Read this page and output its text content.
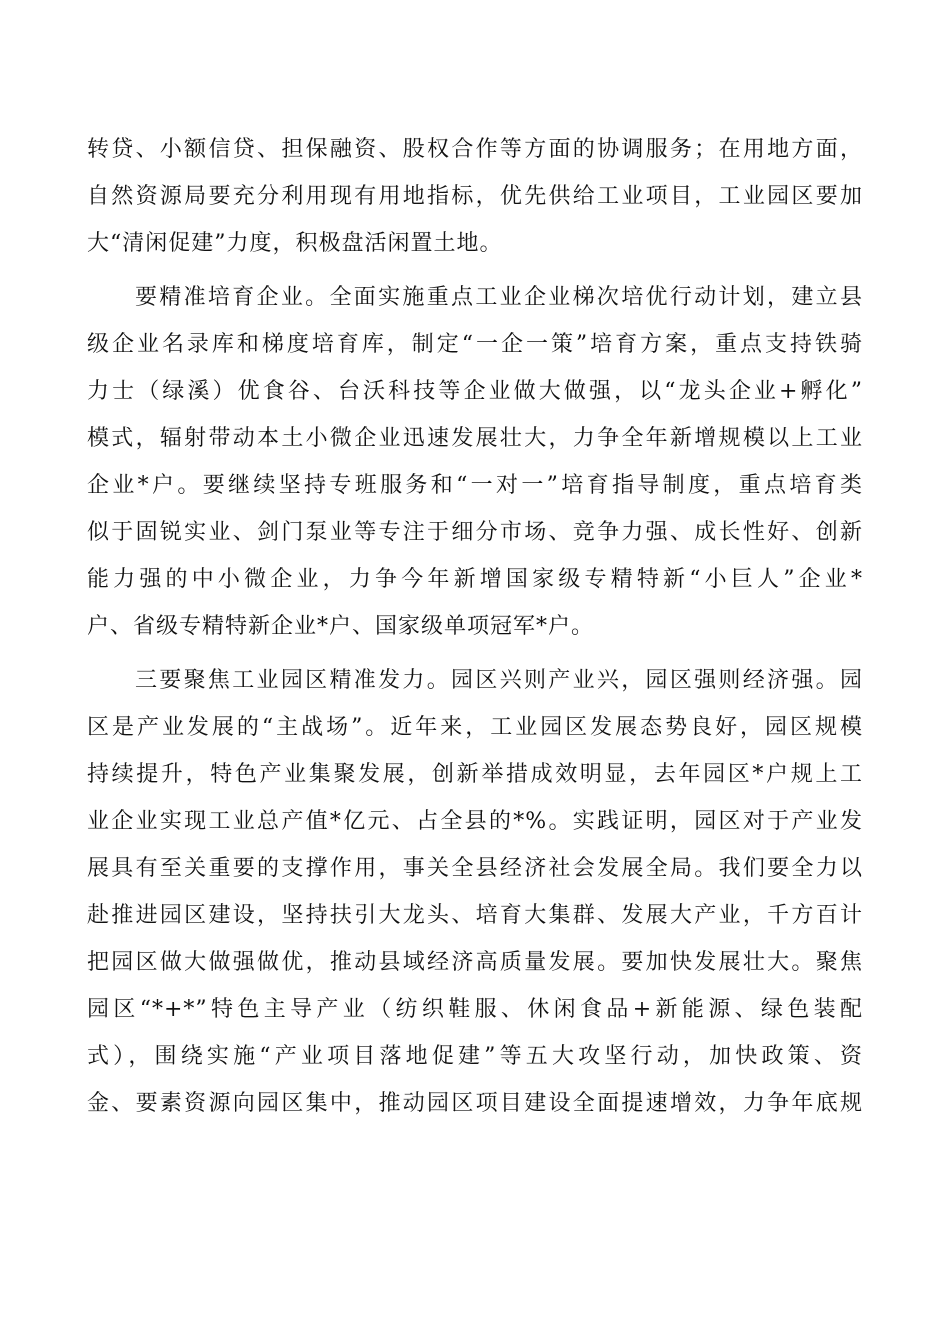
转贷、小额信贷、担保融资、股权合作等方面的协调服务；在用地方面，
自然资源局要充分利用现有用地指标，优先供给工业项目，工业园区要加
大“清闲促建”力度，积极盘活闲置土地。

要精准培育企业。全面实施重点工业企业梯次培优行动计划，建立县
级企业名录库和梯度培育库，制定“一企一策”培育方案，重点支持铁骑
力士（绿溪）优食谷、台沃科技等企业做大做强，以“龙头企业+孵化”
模式，辐射带动本土小微企业迅速发展壮大，力争全年新增规模以上工业
企业*户。要继续坚持专班服务和“一对一”培育指导制度，重点培育类
似于固锐实业、剑门泵业等专注于细分市场、竞争力强、成长性好、创新
能力强的中小微企业，力争今年新增国家级专精特新“小巨人”企业*
户、省级专精特新企业*户、国家级单项冠军*户。

三要聚焦工业园区精准发力。园区兴则产业兴，园区强则经济强。园
区是产业发展的“主战场”。近年来，工业园区发展态势良好，园区规模
持续提升，特色产业集聚发展，创新举措成效明显，去年园区*户规上工
业企业实现工业总产值*亿元、占全县的*%。实践证明，园区对于产业发
展具有至关重要的支撑作用，事关全县经济社会发展全局。我们要全力以
赴推进园区建设，坚持扶引大龙头、培育大集群、发展大产业，千方百计
把园区做大做强做优，推动县域经济高质量发展。要加快发展壮大。聚焦
园区“*+*”特色主导产业（纺织鞋服、休闲食品+新能源、绿色装配
式），围绕实施“产业项目落地促建”等五大攻坚行动，加快政策、资
金、要素资源向园区集中，推动园区项目建设全面提速增效，力争年底规
